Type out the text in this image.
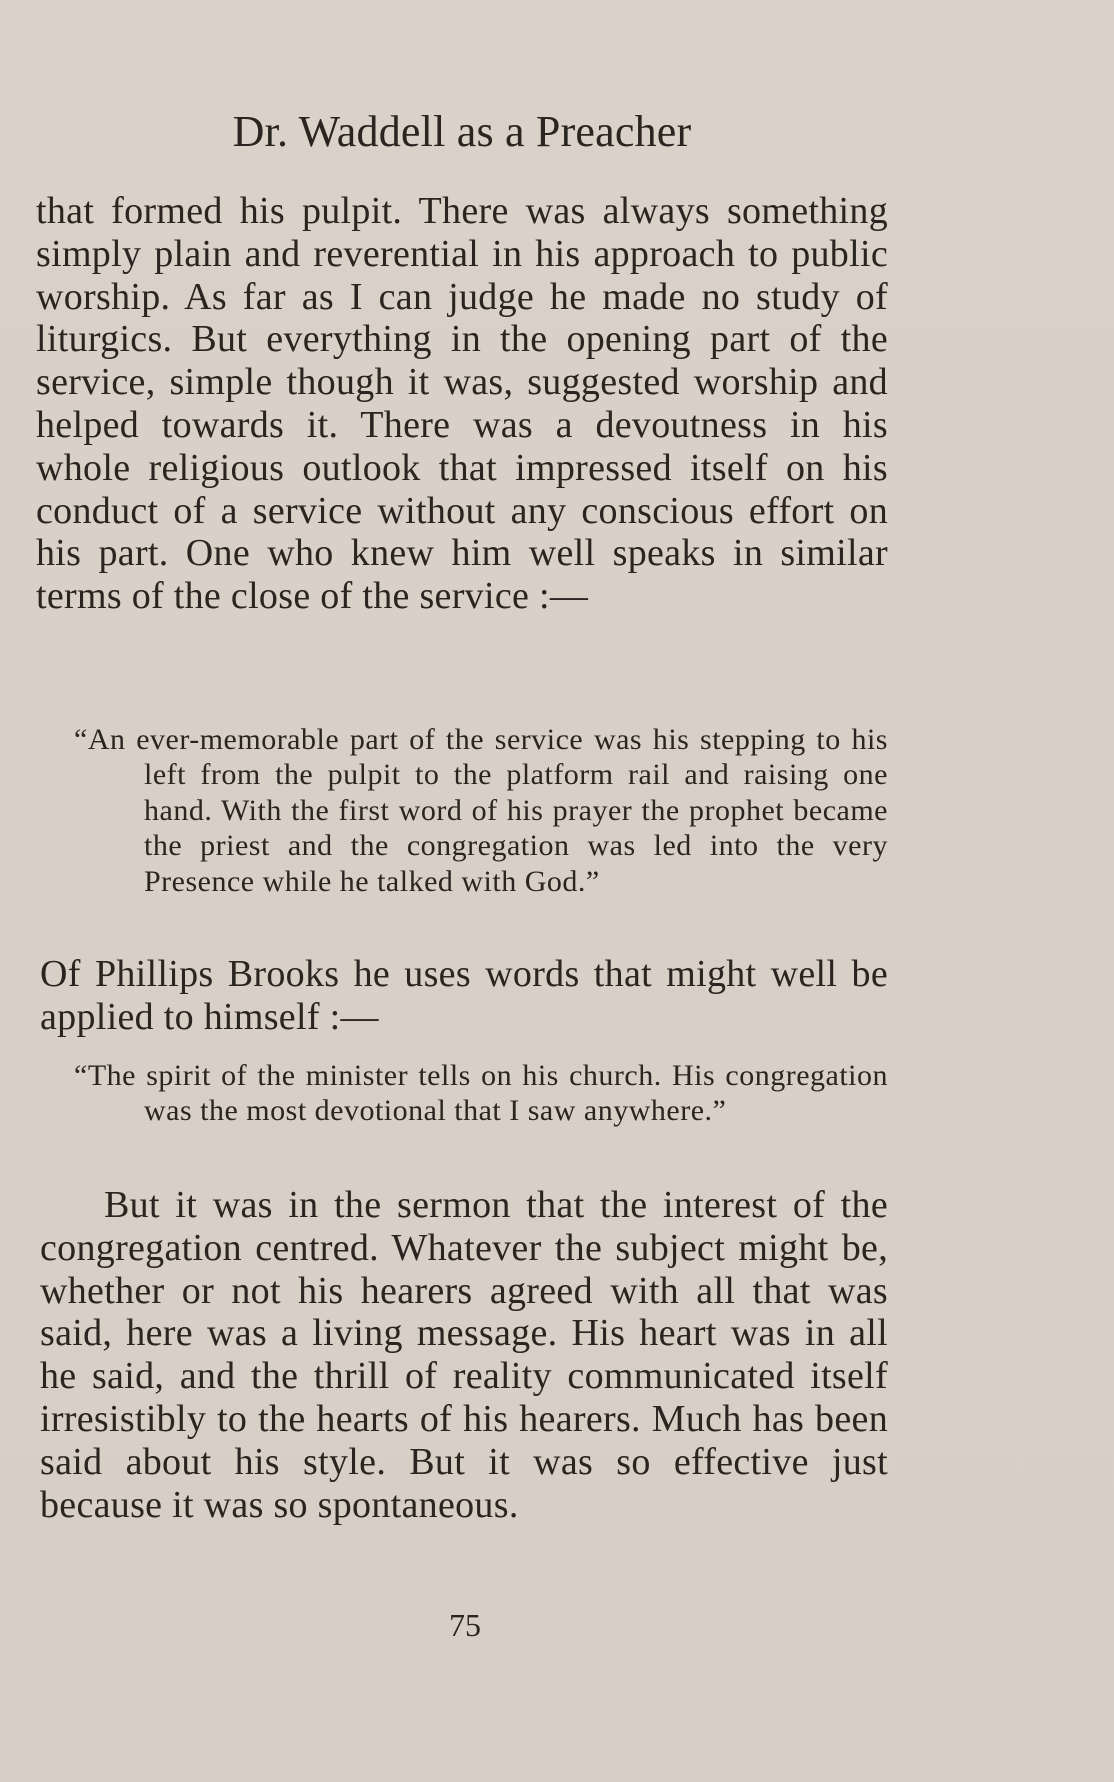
Dr. Waddell as a Preacher

that formed his pulpit. There was always something simply plain and reverential in his approach to public worship. As far as I can judge he made no study of liturgics. But everything in the opening part of the service, simple though it was, suggested worship and helped towards it. There was a devoutness in his whole religious outlook that impressed itself on his conduct of a service without any conscious effort on his part. One who knew him well speaks in similar terms of the close of the service :—

“An ever-memorable part of the service was his stepping to his left from the pulpit to the platform rail and raising one hand. With the first word of his prayer the prophet became the priest and the congregation was led into the very Presence while he talked with God.”

Of Phillips Brooks he uses words that might well be applied to himself :—

“The spirit of the minister tells on his church. His congregation was the most devotional that I saw anywhere.”

But it was in the sermon that the interest of the congregation centred. Whatever the subject might be, whether or not his hearers agreed with all that was said, here was a living message. His heart was in all he said, and the thrill of reality communicated itself irresistibly to the hearts of his hearers. Much has been said about his style. But it was so effective just because it was so spontaneous.

75
